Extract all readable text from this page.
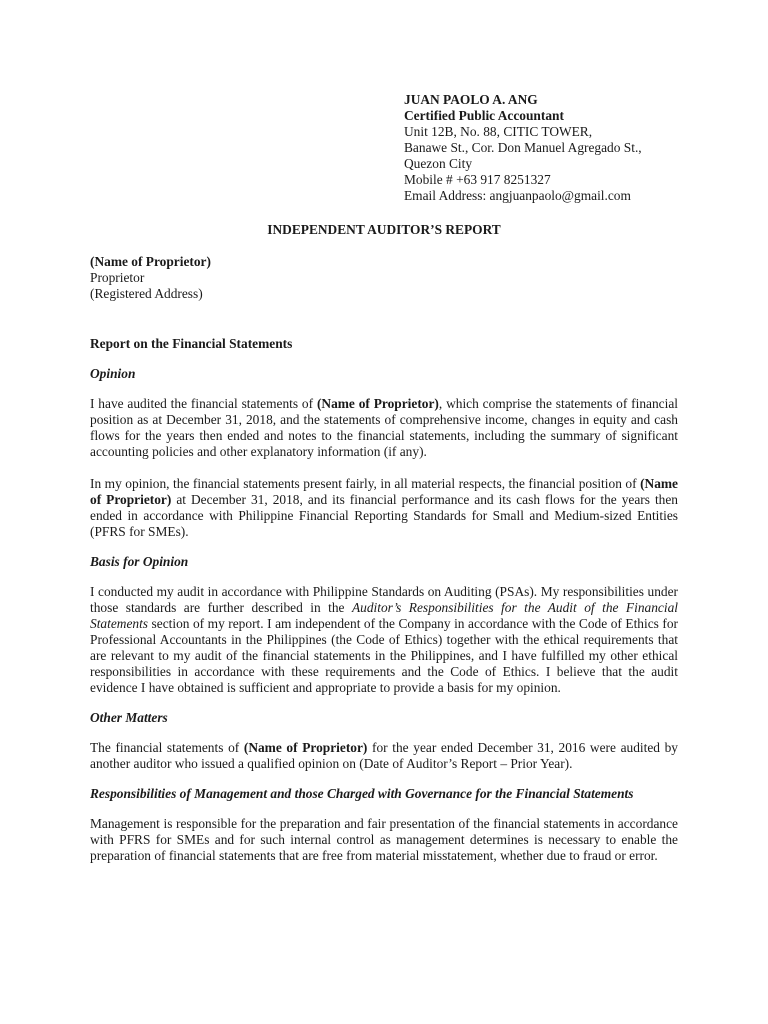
JUAN PAOLO A. ANG
Certified Public Accountant
Unit 12B, No. 88, CITIC TOWER,
Banawe St., Cor. Don Manuel Agregado St.,
Quezon City
Mobile # +63 917 8251327
Email Address: angjuanpaolo@gmail.com
INDEPENDENT AUDITOR’S REPORT
(Name of Proprietor)
Proprietor
(Registered Address)
Report on the Financial Statements
Opinion

I have audited the financial statements of (Name of Proprietor), which comprise the statements of financial position as at December 31, 2018, and the statements of comprehensive income, changes in equity and cash flows for the years then ended and notes to the financial statements, including the summary of significant accounting policies and other explanatory information (if any).

In my opinion, the financial statements present fairly, in all material respects, the financial position of (Name of Proprietor) at December 31, 2018, and its financial performance and its cash flows for the years then ended in accordance with Philippine Financial Reporting Standards for Small and Medium-sized Entities (PFRS for SMEs).

Basis for Opinion

I conducted my audit in accordance with Philippine Standards on Auditing (PSAs). My responsibilities under those standards are further described in the Auditor’s Responsibilities for the Audit of the Financial Statements section of my report. I am independent of the Company in accordance with the Code of Ethics for Professional Accountants in the Philippines (the Code of Ethics) together with the ethical requirements that are relevant to my audit of the financial statements in the Philippines, and I have fulfilled my other ethical responsibilities in accordance with these requirements and the Code of Ethics. I believe that the audit evidence I have obtained is sufficient and appropriate to provide a basis for my opinion.

Other Matters

The financial statements of (Name of Proprietor) for the year ended December 31, 2016 were audited by another auditor who issued a qualified opinion on (Date of Auditor’s Report – Prior Year).

Responsibilities of Management and those Charged with Governance for the Financial Statements

Management is responsible for the preparation and fair presentation of the financial statements in accordance with PFRS for SMEs and for such internal control as management determines is necessary to enable the preparation of financial statements that are free from material misstatement, whether due to fraud or error.
